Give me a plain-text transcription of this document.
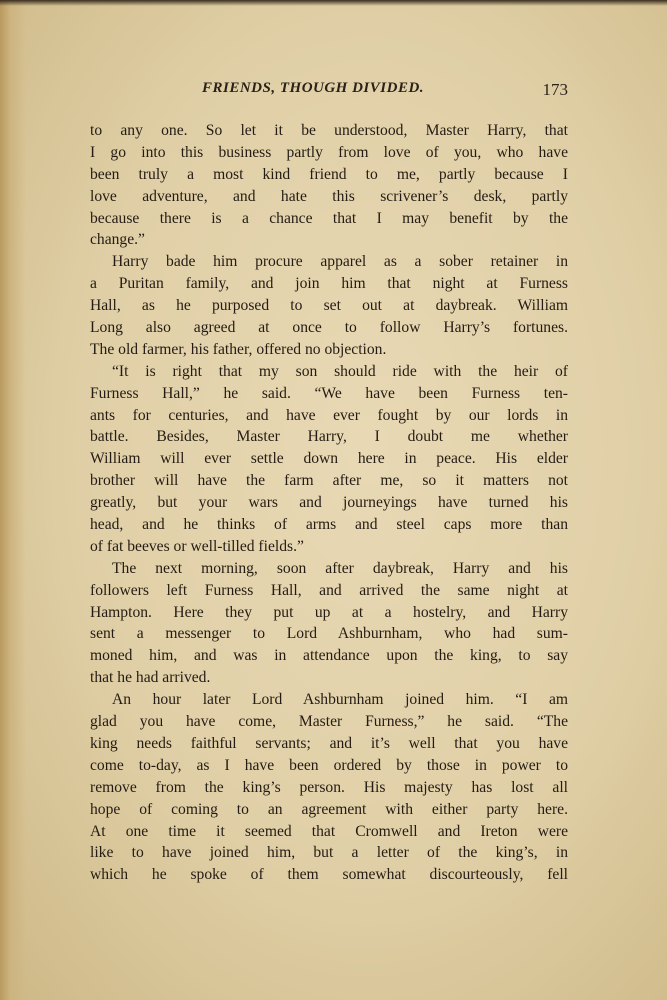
FRIENDS, THOUGH DIVIDED.	173
to any one. So let it be understood, Master Harry, that
I go into this business partly from love of you, who have
been truly a most kind friend to me, partly because I
love adventure, and hate this scrivener’s desk, partly
because there is a chance that I may benefit by the
change.”
Harry bade him procure apparel as a sober retainer in
a Puritan family, and join him that night at Furness
Hall, as he purposed to set out at daybreak. William
Long also agreed at once to follow Harry’s fortunes.
The old farmer, his father, offered no objection.
“It is right that my son should ride with the heir of
Furness Hall,” he said. “We have been Furness ten-
ants for centuries, and have ever fought by our lords in
battle. Besides, Master Harry, I doubt me whether
William will ever settle down here in peace. His elder
brother will have the farm after me, so it matters not
greatly, but your wars and journeyings have turned his
head, and he thinks of arms and steel caps more than
of fat beeves or well-tilled fields.”
The next morning, soon after daybreak, Harry and his
followers left Furness Hall, and arrived the same night at
Hampton. Here they put up at a hostelry, and Harry
sent a messenger to Lord Ashburnham, who had sum-
moned him, and was in attendance upon the king, to say
that he had arrived.
An hour later Lord Ashburnham joined him. “I am
glad you have come, Master Furness,” he said. “The
king needs faithful servants; and it’s well that you have
come to-day, as I have been ordered by those in power to
remove from the king’s person. His majesty has lost all
hope of coming to an agreement with either party here.
At one time it seemed that Cromwell and Ireton were
like to have joined him, but a letter of the king’s, in
which he spoke of them somewhat discourteously, fell
